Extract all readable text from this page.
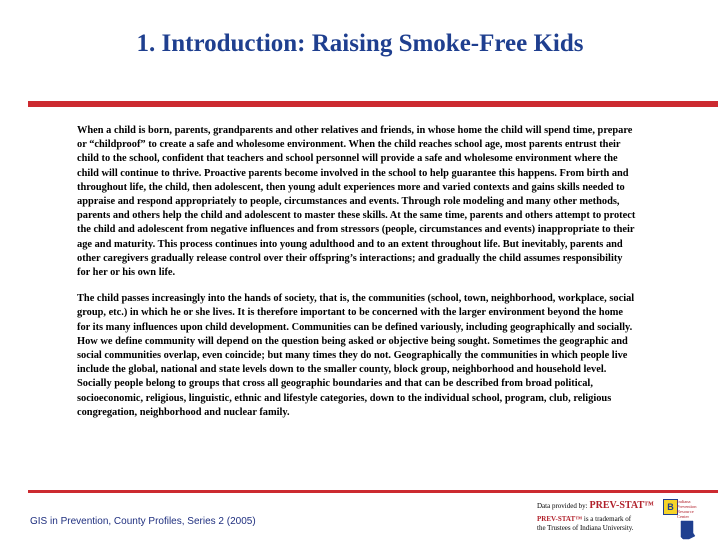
1. Introduction: Raising Smoke-Free Kids

When a child is born, parents, grandparents and other relatives and friends, in whose home the child will spend time, prepare or “childproof” to create a safe and wholesome environment. When the child reaches school age, most parents entrust their child to the school, confident that teachers and school personnel will provide a safe and wholesome environment where the child will continue to thrive. Proactive parents become involved in the school to help guarantee this happens. From birth and throughout life, the child, then adolescent, then young adult experiences more and varied contexts and gains skills needed to appraise and respond appropriately to people, circumstances and events. Through role modeling and many other methods, parents and others help the child and adolescent to master these skills. At the same time, parents and others attempt to protect the child and adolescent from negative influences and from stressors (people, circumstances and events) inappropriate to their age and maturity. This process continues into young adulthood and to an extent throughout life. But inevitably, parents and other caregivers gradually release control over their offspring’s interactions; and gradually the child assumes responsibility for her or his own life.

The child passes increasingly into the hands of society, that is, the communities (school, town, neighborhood, workplace, social group, etc.) in which he or she lives. It is therefore important to be concerned with the larger environment beyond the home for its many influences upon child development. Communities can be defined variously, including geographically and socially. How we define community will depend on the question being asked or objective being sought. Sometimes the geographic and social communities overlap, even coincide; but many times they do not. Geographically the communities in which people live include the global, national and state levels down to the smaller county, block group, neighborhood and household level. Socially people belong to groups that cross all geographic boundaries and that can be described from broad political, socioeconomic, religious, linguistic, ethnic and lifestyle categories, down to the individual school, program, club, religious congregation, neighborhood and nuclear family.

GIS in Prevention, County Profiles, Series 2 (2005)
Data provided by: PREV-STAT™
PREV-STAT™ is a trademark of
the Trustees of Indiana University.
B
Indiana Prevention Resource Center
